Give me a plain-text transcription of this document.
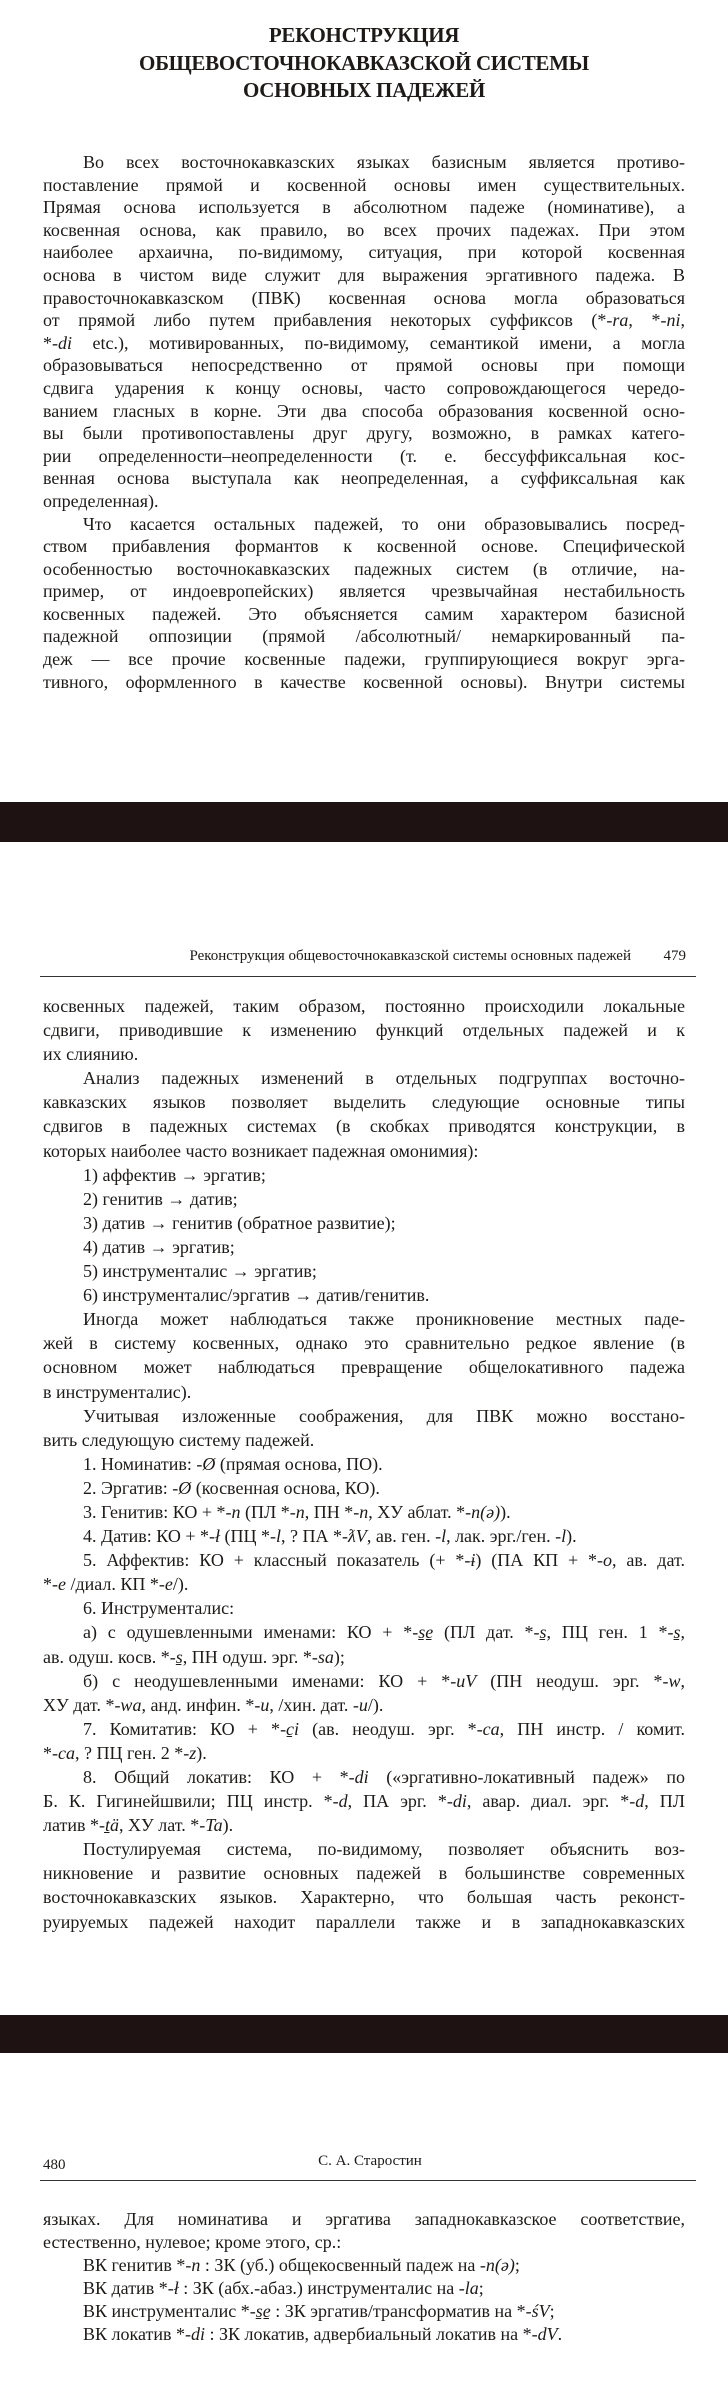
РЕКОНСТРУКЦИЯ
ОБЩЕВОСТОЧНОКАВКАЗСКОЙ СИСТЕМЫ
ОСНОВНЫХ ПАДЕЖЕЙ
Во всех восточнокавказских языках базисным является противо-
поставление прямой и косвенной основы имен существительных.
Прямая основа используется в абсолютном падеже (номинативе), а
косвенная основа, как правило, во всех прочих падежах. При этом
наиболее архаична, по-видимому, ситуация, при которой косвенная
основа в чистом виде служит для выражения эргативного падежа. В
правосточнокавказском (ПВК) косвенная основа могла образоваться
от прямой либо путем прибавления некоторых суффиксов (*-ra, *-ni,
*-di etc.), мотивированных, по-видимому, семантикой имени, а могла
образовываться непосредственно от прямой основы при помощи
сдвига ударения к концу основы, часто сопровождающегося чередо-
ванием гласных в корне. Эти два способа образования косвенной осно-
вы были противопоставлены друг другу, возможно, в рамках катего-
рии определенности–неопределенности (т. е. бессуффиксальная кос-
венная основа выступала как неопределенная, а суффиксальная как
определенная).
Что касается остальных падежей, то они образовывались посред-
ством прибавления формантов к косвенной основе. Специфической
особенностью восточнокавказских падежных систем (в отличие, на-
пример, от индоевропейских) является чрезвычайная нестабильность
косвенных падежей. Это объясняется самим характером базисной
падежной оппозиции (прямой /абсолютный/ немаркированный па-
деж — все прочие косвенные падежи, группирующиеся вокруг эрга-
тивного, оформленного в качестве косвенной основы). Внутри системы
Реконструкция общевосточнокавказской системы основных падежей 479
косвенных падежей, таким образом, постоянно происходили локальные
сдвиги, приводившие к изменению функций отдельных падежей и к
их слиянию.
Анализ падежных изменений в отдельных подгруппах восточно-
кавказских языков позволяет выделить следующие основные типы
сдвигов в падежных системах (в скобках приводятся конструкции, в
которых наиболее часто возникает падежная омонимия):
1) аффектив → эргатив;
2) генитив → датив;
3) датив → генитив (обратное развитие);
4) датив → эргатив;
5) инструменталис → эргатив;
6) инструменталис/эргатив → датив/генитив.
Иногда может наблюдаться также проникновение местных паде-
жей в систему косвенных, однако это сравнительно редкое явление (в
основном может наблюдаться превращение общелокативного падежа
в инструменталис).
Учитывая изложенные соображения, для ПВК можно восстано-
вить следующую систему падежей.
1. Номинатив: -Ø (прямая основа, ПО).
2. Эргатив: -Ø (косвенная основа, КО).
3. Генитив: КО + *-n (ПЛ *-n, ПН *-n, ХУ аблат. *-n(ə)).
4. Датив: КО + *-ł (ПЦ *-l, ? ПА *-ƛV, ав. ген. -l, лак. эрг./ген. -l).
5. Аффектив: КО + классный показатель (+ *-ɨ) (ПА КП + *-o, ав. дат.
*-e /диал. КП *-e/).
6. Инструменталис:
а) с одушевленными именами: КО + *-s̱e̱ (ПЛ дат. *-s̱, ПЦ ген. 1 *-s̱,
ав. одуш. косв. *-s̱, ПН одуш. эрг. *-sa);
б) с неодушевленными именами: КО + *-uV (ПН неодуш. эрг. *-w,
ХУ дат. *-wa, анд. инфин. *-u, /хин. дат. -u/).
7. Комитатив: КО + *-c̱i (ав. неодуш. эрг. *-ca, ПН инстр. / комит.
*-ca, ? ПЦ ген. 2 *-z).
8. Общий локатив: КО + *-di («эргативно-локативный падеж» по
Б. К. Гигинейшвили; ПЦ инстр. *-d, ПА эрг. *-di, авар. диал. эрг. *-d, ПЛ
латив *-ṯä, ХУ лат. *-Ta).
Постулируемая система, по-видимому, позволяет объяснить воз-
никновение и развитие основных падежей в большинстве современных
восточнокавказских языков. Характерно, что большая часть реконст-
руируемых падежей находит параллели также и в западнокавказских
480	С. А. Старостин
языках. Для номинатива и эргатива западнокавказское соответствие,
естественно, нулевое; кроме этого, ср.:
ВК генитив *-n : ЗК (уб.) общекосвенный падеж на -n(ə);
ВК датив *-ł : ЗК (абх.-абаз.) инструменталис на -la;
ВК инструменталис *-s̱e̱ : ЗК эргатив/трансформатив на *-śV;
ВК локатив *-di : ЗК локатив, адвербиальный локатив на *-dV.
